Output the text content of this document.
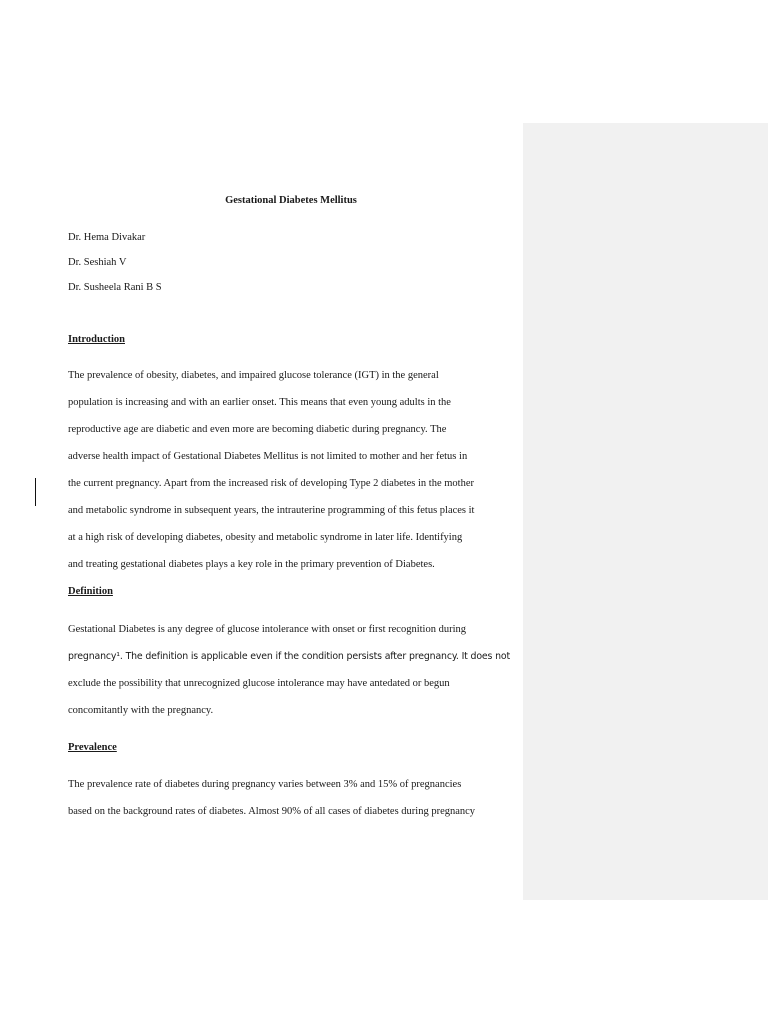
Gestational Diabetes Mellitus
Dr. Hema Divakar
Dr. Seshiah V
Dr. Susheela Rani B S
Introduction
The prevalence of obesity, diabetes, and impaired glucose tolerance (IGT) in the general
population is increasing and with an earlier onset. This means that even young adults in the
reproductive age are diabetic and even more are becoming diabetic during pregnancy. The
adverse health impact of Gestational Diabetes Mellitus is not limited to mother and her fetus in
the current pregnancy. Apart from the increased risk of developing Type 2 diabetes in the mother
and metabolic syndrome in subsequent years, the intrauterine programming of this fetus places it
at a high risk of developing diabetes, obesity and metabolic syndrome in later life. Identifying
and treating gestational diabetes plays a key role in the primary prevention of Diabetes.
Definition
Gestational Diabetes is any degree of glucose intolerance with onset or first recognition during
pregnancy¹. The definition is applicable even if the condition persists after pregnancy. It does not
exclude the possibility that unrecognized glucose intolerance may have antedated or begun
concomitantly with the pregnancy.
Prevalence
The prevalence rate of diabetes during pregnancy varies between 3% and 15% of pregnancies
based on the background rates of diabetes. Almost 90% of all cases of diabetes during pregnancy
